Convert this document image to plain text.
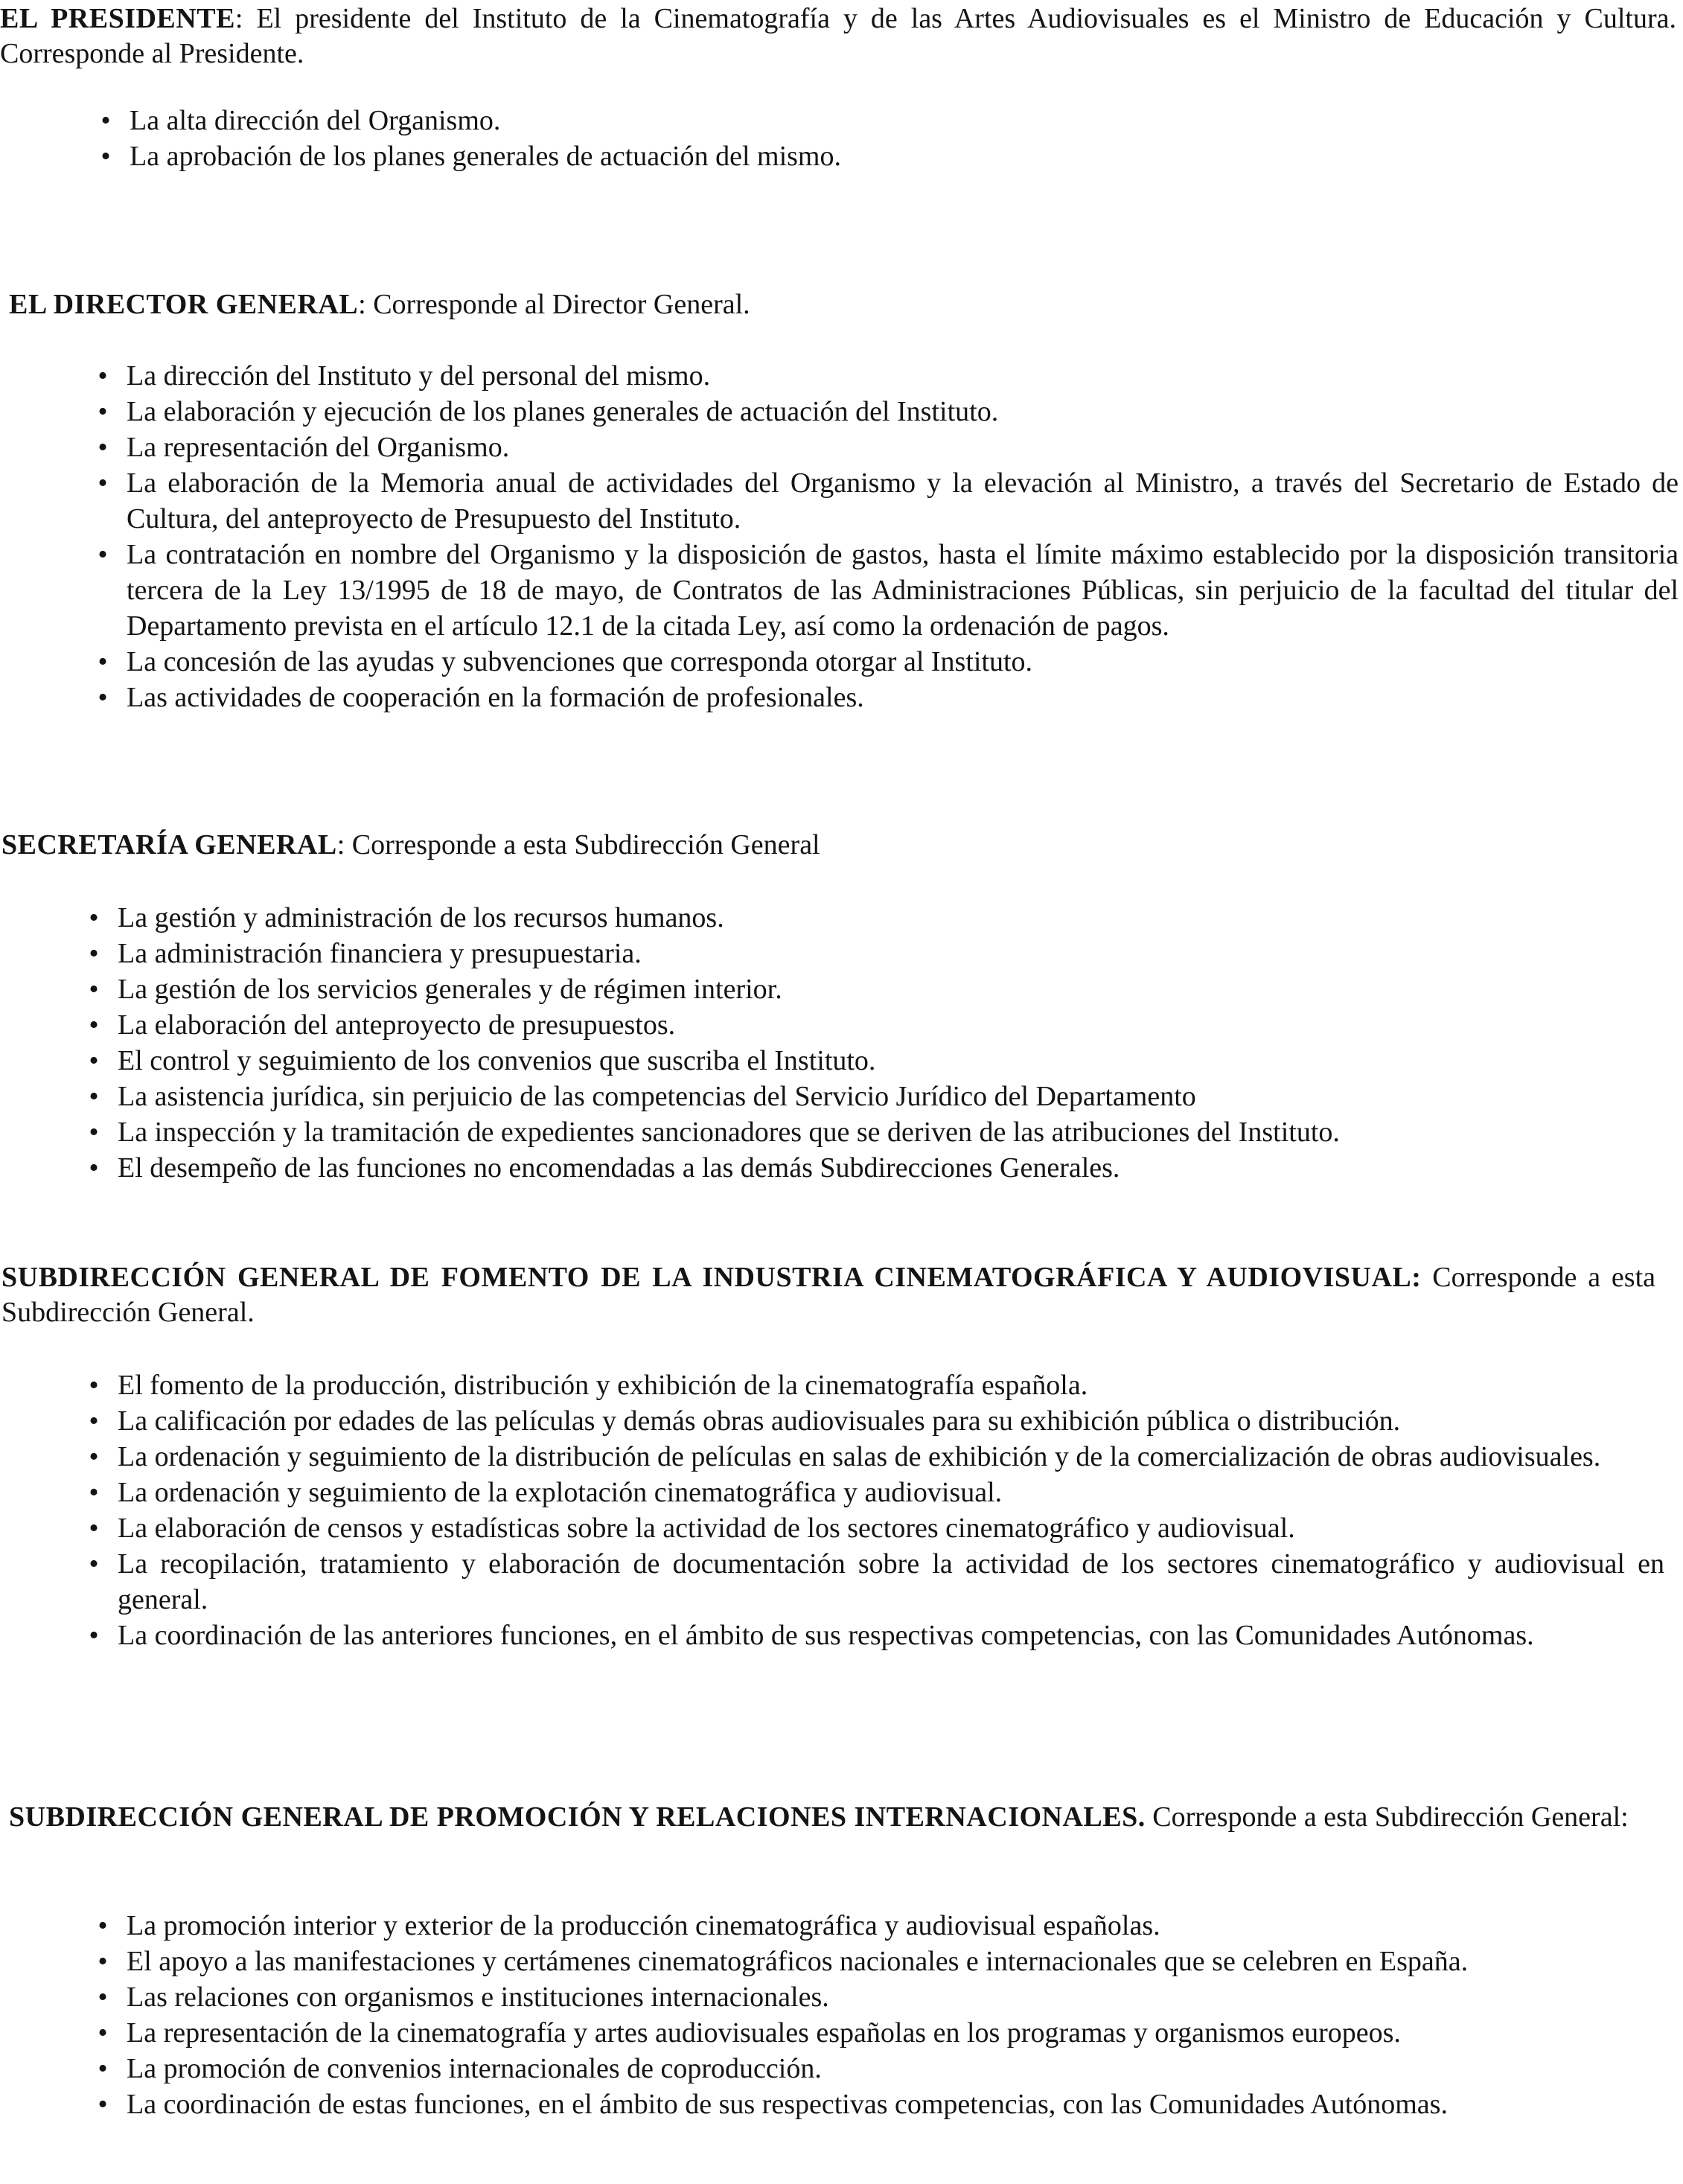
EL PRESIDENTE: El presidente del Instituto de la Cinematografía y de las Artes Audiovisuales es el Ministro de Educación y Cultura. Corresponde al Presidente.

• La alta dirección del Organismo.
• La aprobación de los planes generales de actuación del mismo.

EL DIRECTOR GENERAL: Corresponde al Director General.

• La dirección del Instituto y del personal del mismo.
• La elaboración y ejecución de los planes generales de actuación del Instituto.
• La representación del Organismo.
• La elaboración de la Memoria anual de actividades del Organismo y la elevación al Ministro, a través del Secretario de Estado de Cultura, del anteproyecto de Presupuesto del Instituto.
• La contratación en nombre del Organismo y la disposición de gastos, hasta el límite máximo establecido por la disposición transitoria tercera de la Ley 13/1995 de 18 de mayo, de Contratos de las Administraciones Públicas, sin perjuicio de la facultad del titular del Departamento prevista en el artículo 12.1 de la citada Ley, así como la ordenación de pagos.
• La concesión de las ayudas y subvenciones que corresponda otorgar al Instituto.
• Las actividades de cooperación en la formación de profesionales.

SECRETARÍA GENERAL: Corresponde a esta Subdirección General

• La gestión y administración de los recursos humanos.
• La administración financiera y presupuestaria.
• La gestión de los servicios generales y de régimen interior.
• La elaboración del anteproyecto de presupuestos.
• El control y seguimiento de los convenios que suscriba el Instituto.
• La asistencia jurídica, sin perjuicio de las competencias del Servicio Jurídico del Departamento
• La inspección y la tramitación de expedientes sancionadores que se deriven de las atribuciones del Instituto.
• El desempeño de las funciones no encomendadas a las demás Subdirecciones Generales.

SUBDIRECCIÓN GENERAL DE FOMENTO DE LA INDUSTRIA CINEMATOGRÁFICA Y AUDIOVISUAL: Corresponde a esta Subdirección General.

• El fomento de la producción, distribución y exhibición de la cinematografía española.
• La calificación por edades de las películas y demás obras audiovisuales para su exhibición pública o distribución.
• La ordenación y seguimiento de la distribución de películas en salas de exhibición y de la comercialización de obras audiovisuales.
• La ordenación y seguimiento de la explotación cinematográfica y audiovisual.
• La elaboración de censos y estadísticas sobre la actividad de los sectores cinematográfico y audiovisual.
• La recopilación, tratamiento y elaboración de documentación sobre la actividad de los sectores cinematográfico y audiovisual en general.
• La coordinación de las anteriores funciones, en el ámbito de sus respectivas competencias, con las Comunidades Autónomas.

SUBDIRECCIÓN GENERAL DE PROMOCIÓN Y RELACIONES INTERNACIONALES. Corresponde a esta Subdirección General:

• La promoción interior y exterior de la producción cinematográfica y audiovisual españolas.
• El apoyo a las manifestaciones y certámenes cinematográficos nacionales e internacionales que se celebren en España.
• Las relaciones con organismos e instituciones internacionales.
• La representación de la cinematografía y artes audiovisuales españolas en los programas y organismos europeos.
• La promoción de convenios internacionales de coproducción.
• La coordinación de estas funciones, en el ámbito de sus respectivas competencias, con las Comunidades Autónomas.
